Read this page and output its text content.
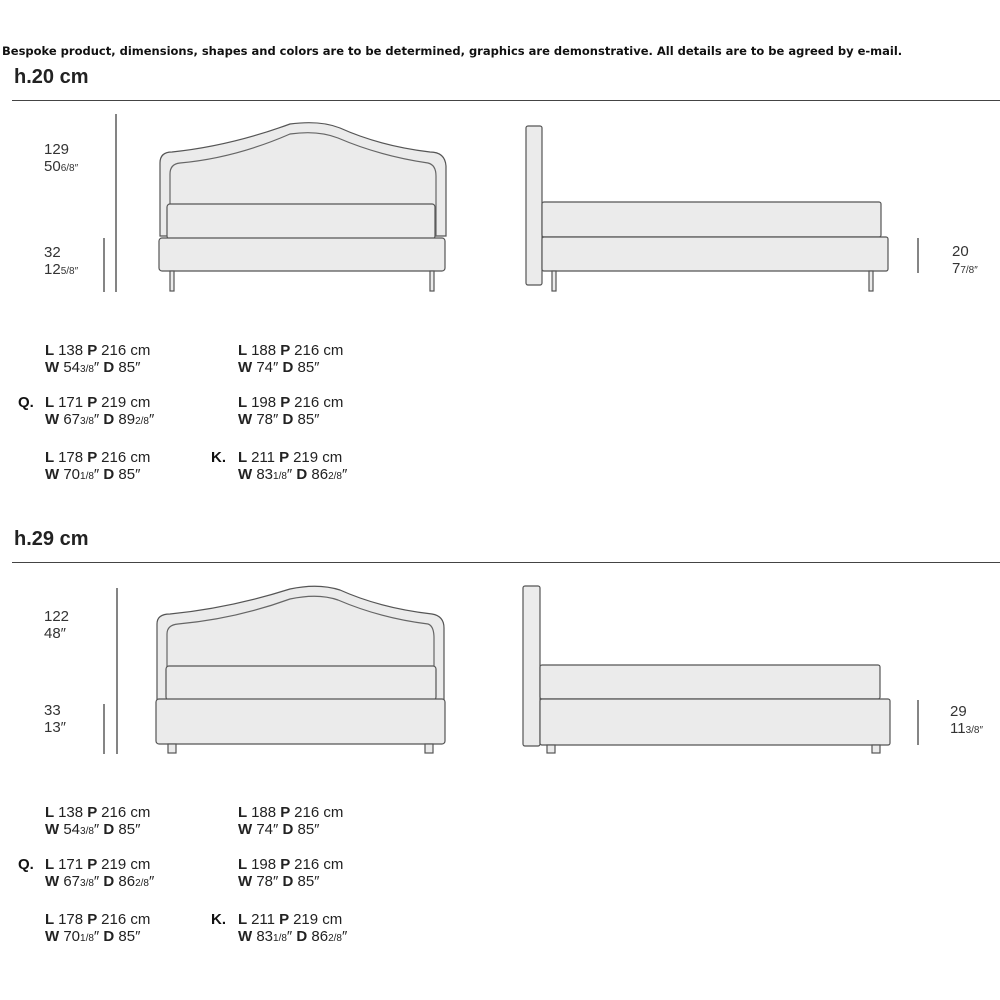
Bespoke product, dimensions, shapes and colors are to be determined, graphics are demonstrative. All details are to be agreed by e-mail.
h.20 cm
129
506/8″
32
125/8″
20
77/8″
L 138 P 216 cm
W 543/8″ D 85″
L 188 P 216 cm
W 74″ D 85″
L 171 P 219 cm
W 673/8″ D 892/8″
Q.	L 198 P 216 cm
W 78″ D 85″
L 178 P 216 cm
W 701/8″ D 85″
L 211 P 219 cm
W 831/8″ D 862/8″
K.
h.29 cm
122
48″
33
13″
29
113/8″
L 138 P 216 cm
W 543/8″ D 85″
L 188 P 216 cm
W 74″ D 85″
L 171 P 219 cm
W 673/8″ D 862/8″
Q.	L 198 P 216 cm
W 78″ D 85″
L 178 P 216 cm
W 701/8″ D 85″
L 211 P 219 cm
W 831/8″ D 862/8″
K.
